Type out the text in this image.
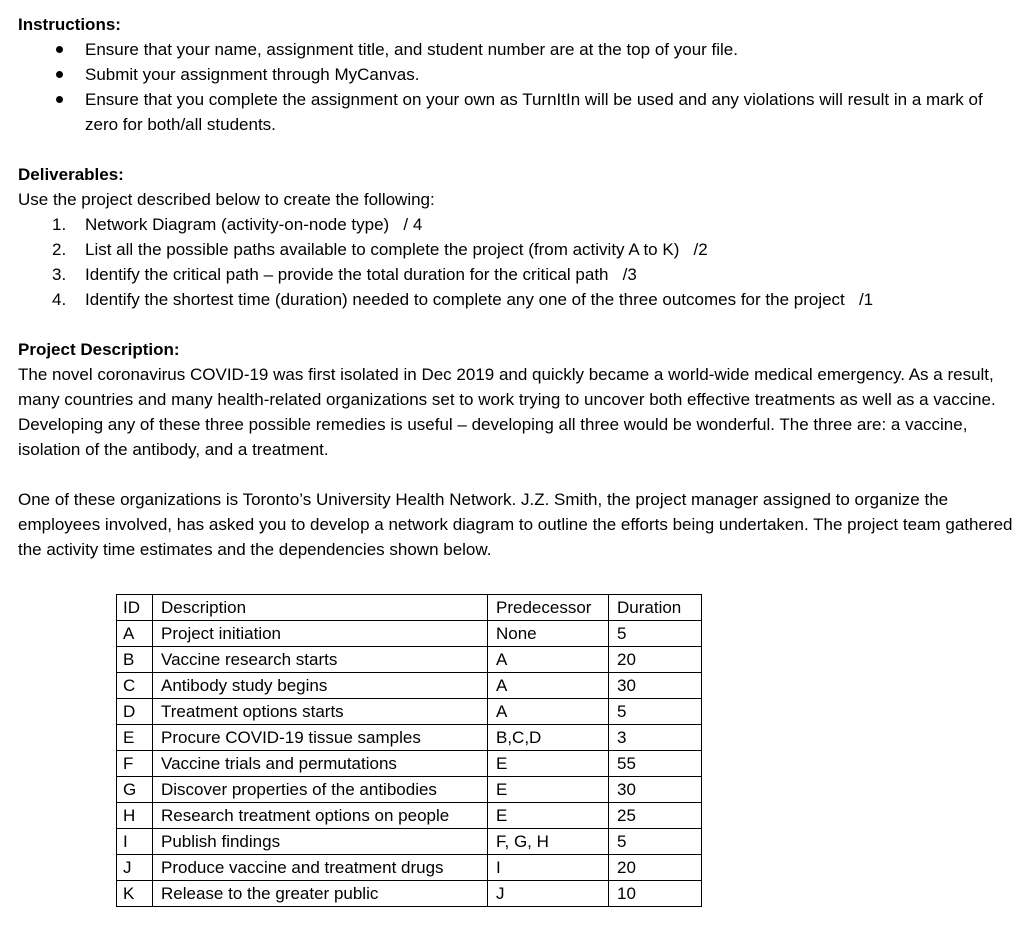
Instructions:

Ensure that your name, assignment title, and student number are at the top of your file.
Submit your assignment through MyCanvas.
Ensure that you complete the assignment on your own as TurnItIn will be used and any violations will result in a mark of zero for both/all students.

Deliverables:

Use the project described below to create the following:

1. Network Diagram (activity-on-node type)   / 4
2. List all the possible paths available to complete the project (from activity A to K)   /2
3. Identify the critical path – provide the total duration for the critical path   /3
4. Identify the shortest time (duration) needed to complete any one of the three outcomes for the project   /1

Project Description:

The novel coronavirus COVID-19 was first isolated in Dec 2019 and quickly became a world-wide medical emergency. As a result, many countries and many health-related organizations set to work trying to uncover both effective treatments as well as a vaccine. Developing any of these three possible remedies is useful – developing all three would be wonderful. The three are: a vaccine, isolation of the antibody, and a treatment.

One of these organizations is Toronto’s University Health Network. J.Z. Smith, the project manager assigned to organize the employees involved, has asked you to develop a network diagram to outline the efforts being undertaken. The project team gathered the activity time estimates and the dependencies shown below.

ID	Description	Predecessor	Duration
A	Project initiation	None	5
B	Vaccine research starts	A	20
C	Antibody study begins	A	30
D	Treatment options starts	A	5
E	Procure COVID-19 tissue samples	B,C,D	3
F	Vaccine trials and permutations	E	55
G	Discover properties of the antibodies	E	30
H	Research treatment options on people	E	25
I	Publish findings	F, G, H	5
J	Produce vaccine and treatment drugs	I	20
K	Release to the greater public	J	10
